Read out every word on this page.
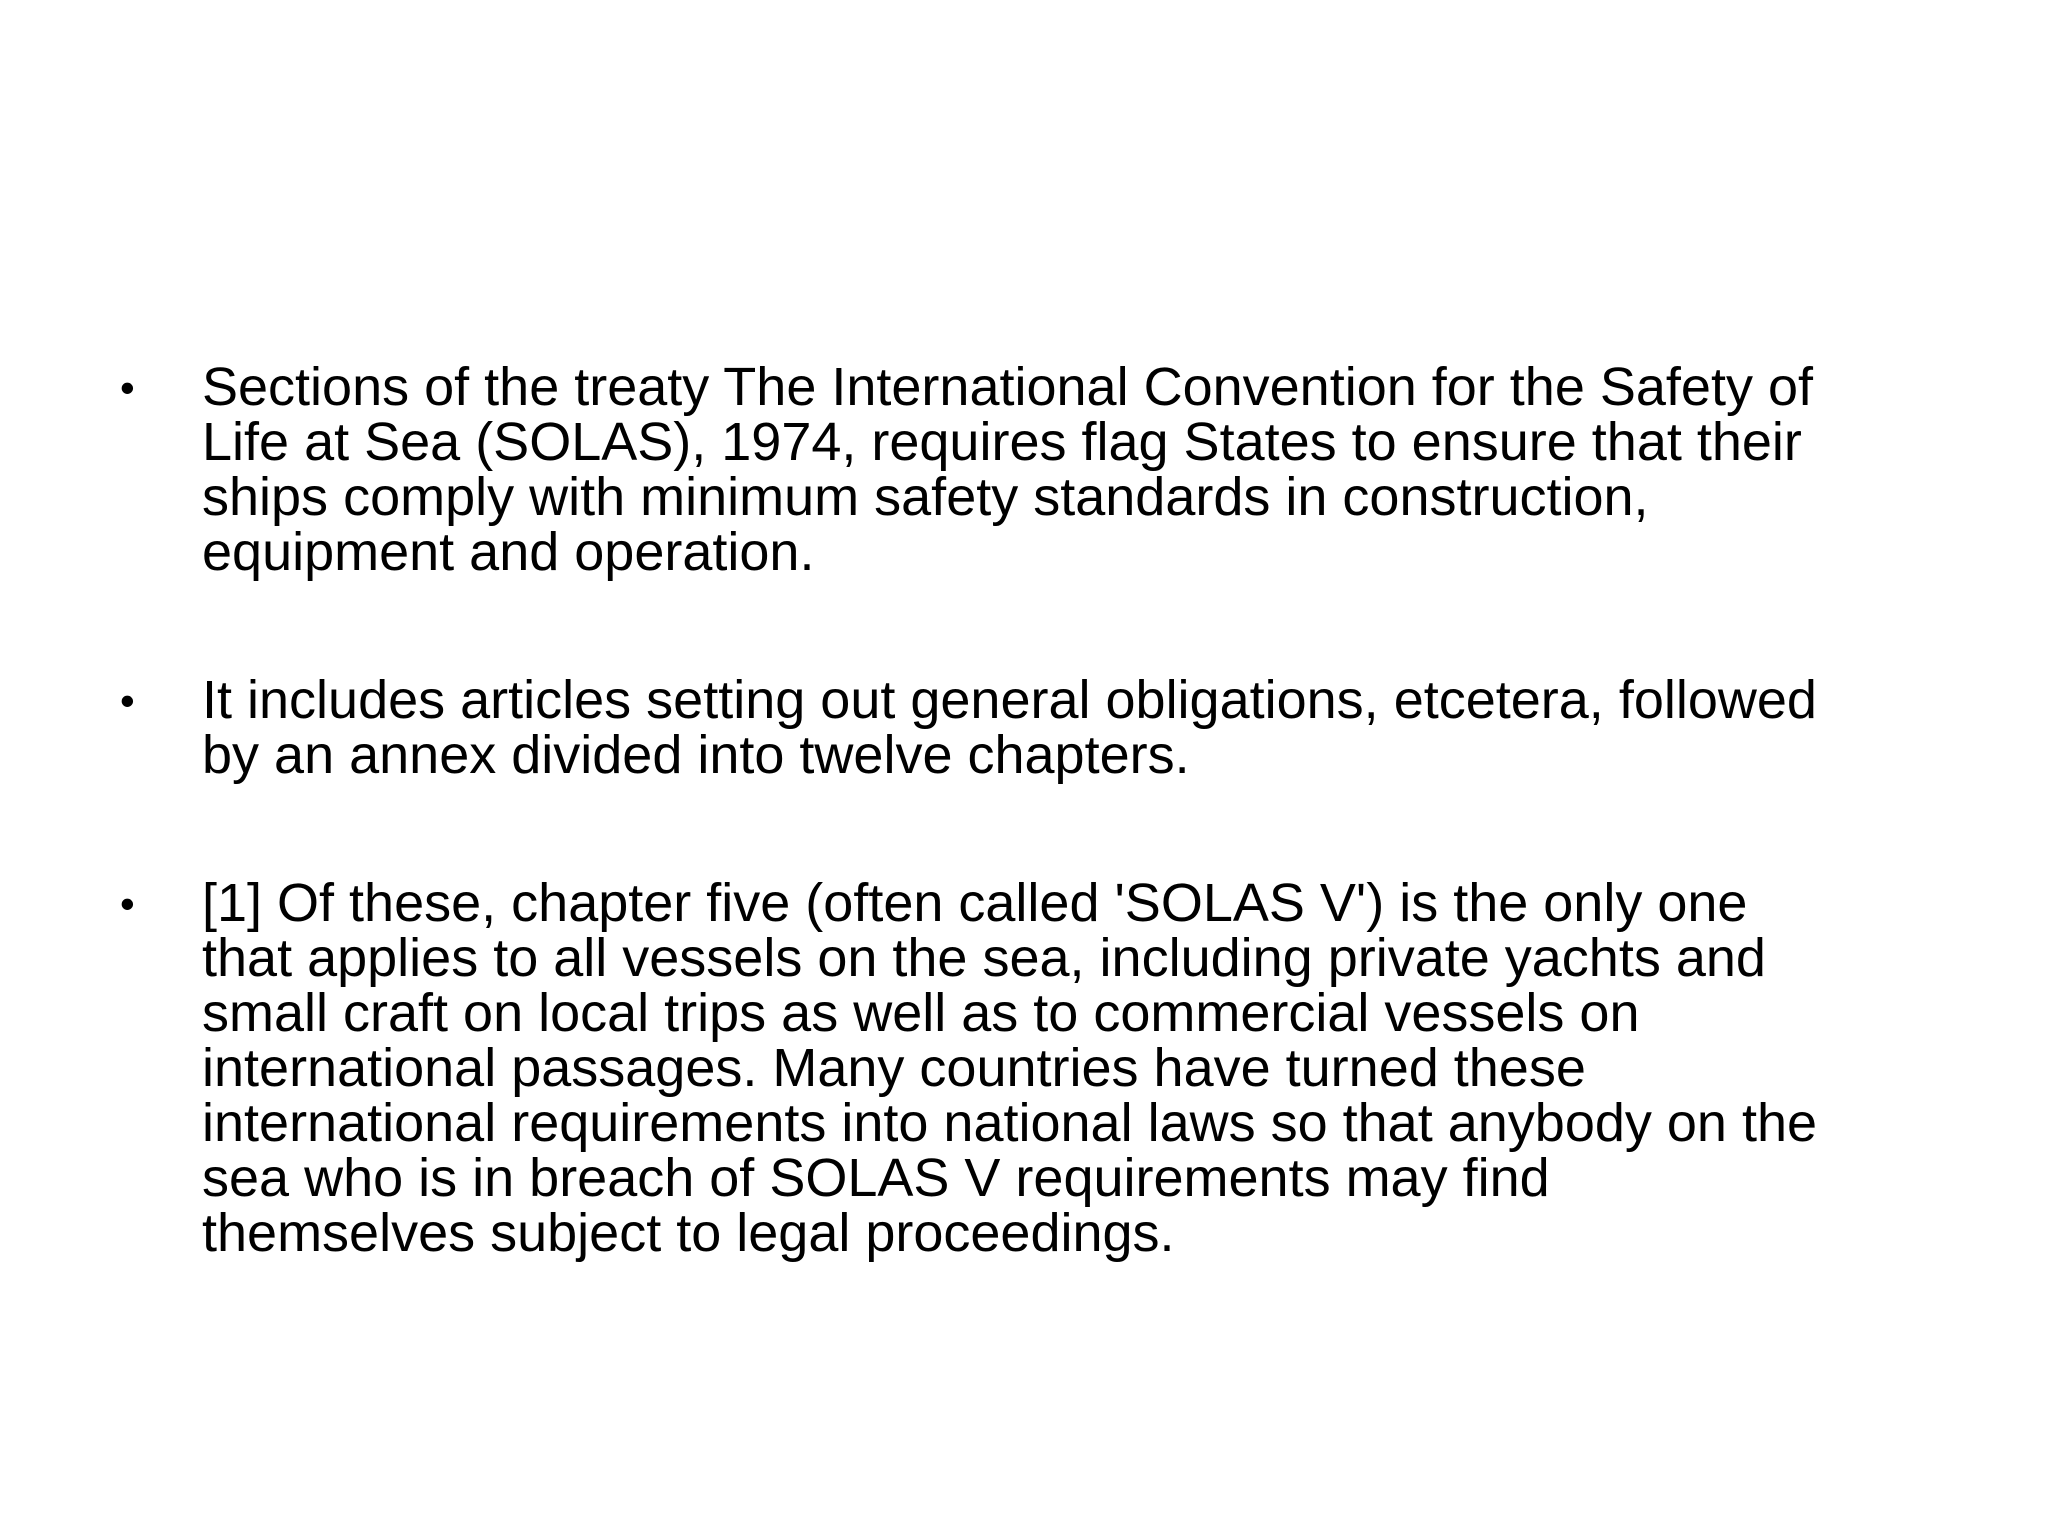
• Sections of the treaty The International Convention for the Safety of
Life at Sea (SOLAS), 1974, requires flag States to ensure that their
ships comply with minimum safety standards in construction,
equipment and operation.
• It includes articles setting out general obligations, etcetera, followed
by an annex divided into twelve chapters.
• [1] Of these, chapter five (often called 'SOLAS V') is the only one
that applies to all vessels on the sea, including private yachts and
small craft on local trips as well as to commercial vessels on
international passages. Many countries have turned these
international requirements into national laws so that anybody on the
sea who is in breach of SOLAS V requirements may find
themselves subject to legal proceedings.
